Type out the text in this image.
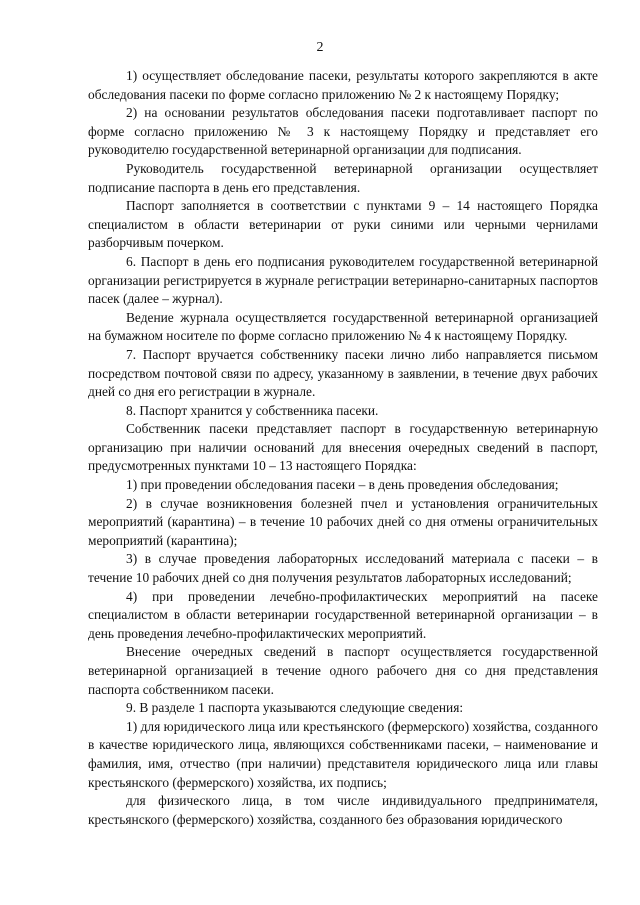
2

1) осуществляет обследование пасеки, результаты которого закрепляются в акте обследования пасеки по форме согласно приложению № 2 к настоящему Порядку;

2) на основании результатов обследования пасеки подготавливает паспорт по форме согласно приложению № 3 к настоящему Порядку и представляет его руководителю государственной ветеринарной организации для подписания.

Руководитель государственной ветеринарной организации осуществляет подписание паспорта в день его представления.

Паспорт заполняется в соответствии с пунктами 9 – 14 настоящего Порядка специалистом в области ветеринарии от руки синими или черными чернилами разборчивым почерком.

6. Паспорт в день его подписания руководителем государственной ветеринарной организации регистрируется в журнале регистрации ветеринарно-санитарных паспортов пасек (далее – журнал).

Ведение журнала осуществляется государственной ветеринарной организацией на бумажном носителе по форме согласно приложению № 4 к настоящему Порядку.

7. Паспорт вручается собственнику пасеки лично либо направляется письмом посредством почтовой связи по адресу, указанному в заявлении, в течение двух рабочих дней со дня его регистрации в журнале.

8. Паспорт хранится у собственника пасеки.

Собственник пасеки представляет паспорт в государственную ветеринарную организацию при наличии оснований для внесения очередных сведений в паспорт, предусмотренных пунктами 10 – 13 настоящего Порядка:

1) при проведении обследования пасеки – в день проведения обследования;

2) в случае возникновения болезней пчел и установления ограничительных мероприятий (карантина) – в течение 10 рабочих дней со дня отмены ограничительных мероприятий (карантина);

3) в случае проведения лабораторных исследований материала с пасеки – в течение 10 рабочих дней со дня получения результатов лабораторных исследований;

4) при проведении лечебно-профилактических мероприятий на пасеке специалистом в области ветеринарии государственной ветеринарной организации – в день проведения лечебно-профилактических мероприятий.

Внесение очередных сведений в паспорт осуществляется государственной ветеринарной организацией в течение одного рабочего дня со дня представления паспорта собственником пасеки.

9. В разделе 1 паспорта указываются следующие сведения:

1) для юридического лица или крестьянского (фермерского) хозяйства, созданного в качестве юридического лица, являющихся собственниками пасеки, – наименование и фамилия, имя, отчество (при наличии) представителя юридического лица или главы крестьянского (фермерского) хозяйства, их подпись;

для физического лица, в том числе индивидуального предпринимателя, крестьянского (фермерского) хозяйства, созданного без образования юридического
